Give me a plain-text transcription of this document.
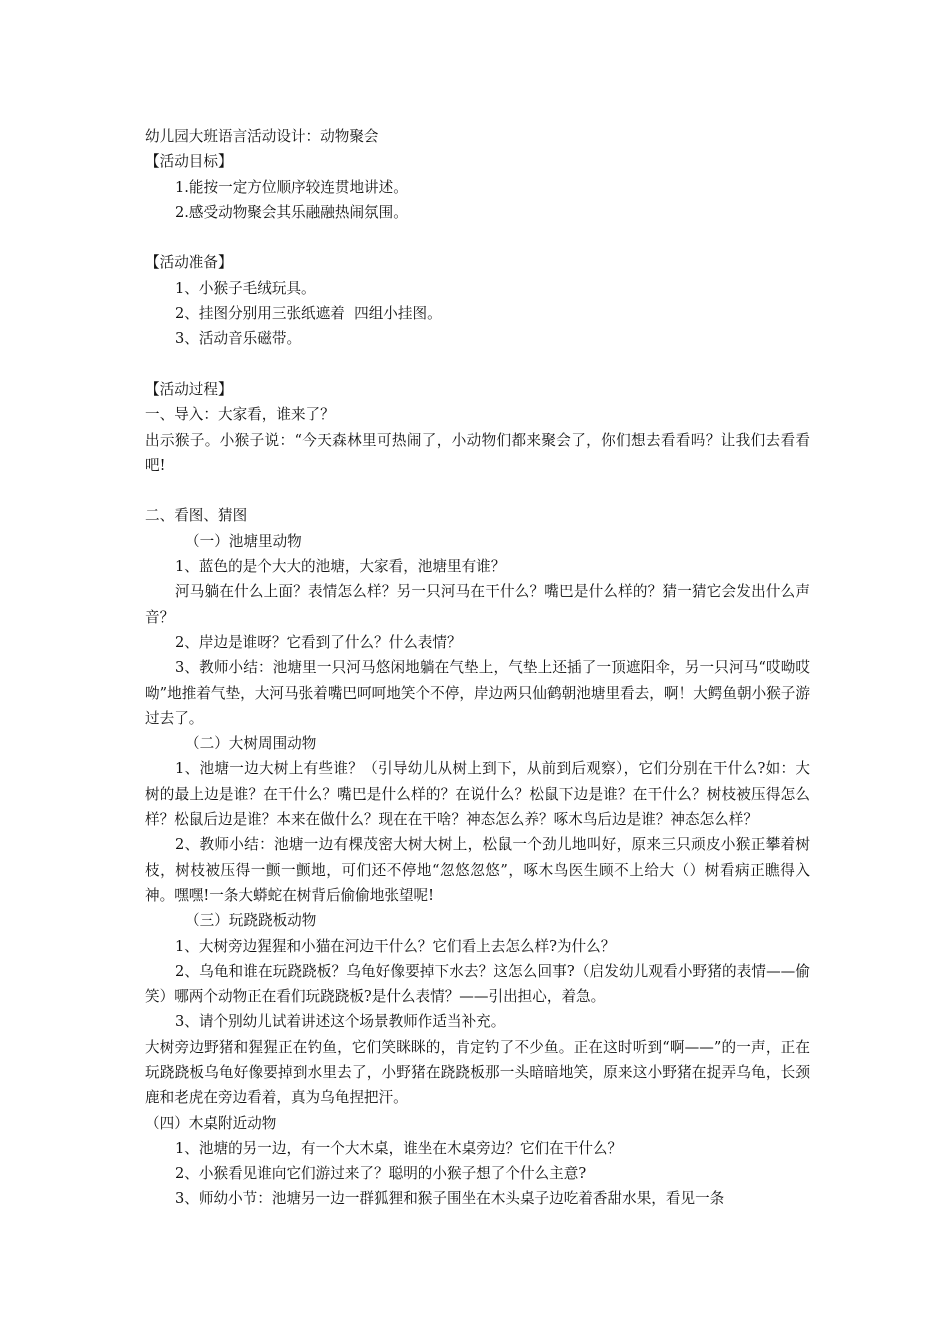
幼儿园大班语言活动设计：动物聚会
【活动目标】
1.能按一定方位顺序较连贯地讲述。
2.感受动物聚会其乐融融热闹氛围。
【活动准备】
1、小猴子毛绒玩具。
2、挂图分别用三张纸遮着  四组小挂图。
3、活动音乐磁带。
【活动过程】
一、导入：大家看，谁来了？
出示猴子。小猴子说：“今天森林里可热闹了，小动物们都来聚会了，你们想去看看吗？让我们去看看吧!
二、看图、猜图
（一）池塘里动物
1、蓝色的是个大大的池塘，大家看，池塘里有谁？
河马躺在什么上面？表情怎么样？另一只河马在干什么？嘴巴是什么样的？猜一猜它会发出什么声音？
2、岸边是谁呀？它看到了什么？什么表情？
3、教师小结：池塘里一只河马悠闲地躺在气垫上，气垫上还插了一顶遮阳伞，另一只河马“哎呦哎呦”地推着气垫，大河马张着嘴巴呵呵地笑个不停，岸边两只仙鹤朝池塘里看去，啊！大鳄鱼朝小猴子游过去了。
（二）大树周围动物
1、池塘一边大树上有些谁？（引导幼儿从树上到下，从前到后观察），它们分别在干什么?如：大树的最上边是谁？在干什么？嘴巴是什么样的？在说什么？松鼠下边是谁？在干什么？树枝被压得怎么样？松鼠后边是谁？本来在做什么？现在在干啥？神态怎么养？啄木鸟后边是谁？神态怎么样？
2、教师小结：池塘一边有棵茂密大树大树上，松鼠一个劲儿地叫好，原来三只顽皮小猴正攀着树枝，树枝被压得一颤一颤地，可们还不停地“忽悠忽悠”，啄木鸟医生顾不上给大（）树看病正瞧得入神。嘿嘿!一条大蟒蛇在树背后偷偷地张望呢!
（三）玩跷跷板动物
1、大树旁边猩猩和小猫在河边干什么？它们看上去怎么样?为什么？
2、乌龟和谁在玩跷跷板？乌龟好像要掉下水去？这怎么回事?（启发幼儿观看小野猪的表情——偷笑）哪两个动物正在看们玩跷跷板?是什么表情？——引出担心，着急。
3、请个别幼儿试着讲述这个场景教师作适当补充。
大树旁边野猪和猩猩正在钓鱼，它们笑眯眯的，肯定钓了不少鱼。正在这时听到“啊——”的一声，正在玩跷跷板乌龟好像要掉到水里去了，小野猪在跷跷板那一头暗暗地笑，原来这小野猪在捉弄乌龟，长颈鹿和老虎在旁边看着，真为乌龟捏把汗。
（四）木桌附近动物
1、池塘的另一边，有一个大木桌，谁坐在木桌旁边？它们在干什么？
2、小猴看见谁向它们游过来了？聪明的小猴子想了个什么主意?
3、师幼小节：池塘另一边一群狐狸和猴子围坐在木头桌子边吃着香甜水果，看见一条
